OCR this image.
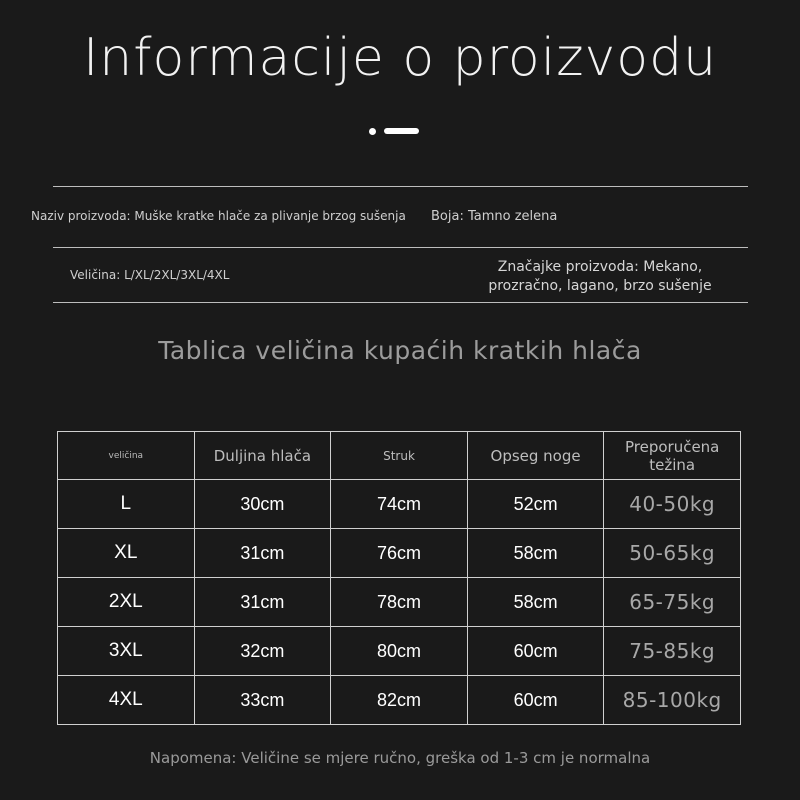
Informacije o proizvodu
Naziv proizvoda: Muške kratke hlače za plivanje brzog sušenja Boja: Tamno zelena
Veličina: L/XL/2XL/3XL/4XL	Značajke proizvoda: Mekano, prozračno, lagano, brzo sušenje
Tablica veličina kupaćih kratkih hlača
veličina	Duljina hlača	Struk	Opseg noge	Preporučena težina
L	30cm	74cm	52cm	40-50kg
XL	31cm	76cm	58cm	50-65kg
2XL	31cm	78cm	58cm	65-75kg
3XL	32cm	80cm	60cm	75-85kg
4XL	33cm	82cm	60cm	85-100kg
Napomena: Veličine se mjere ručno, greška od 1-3 cm je normalna
